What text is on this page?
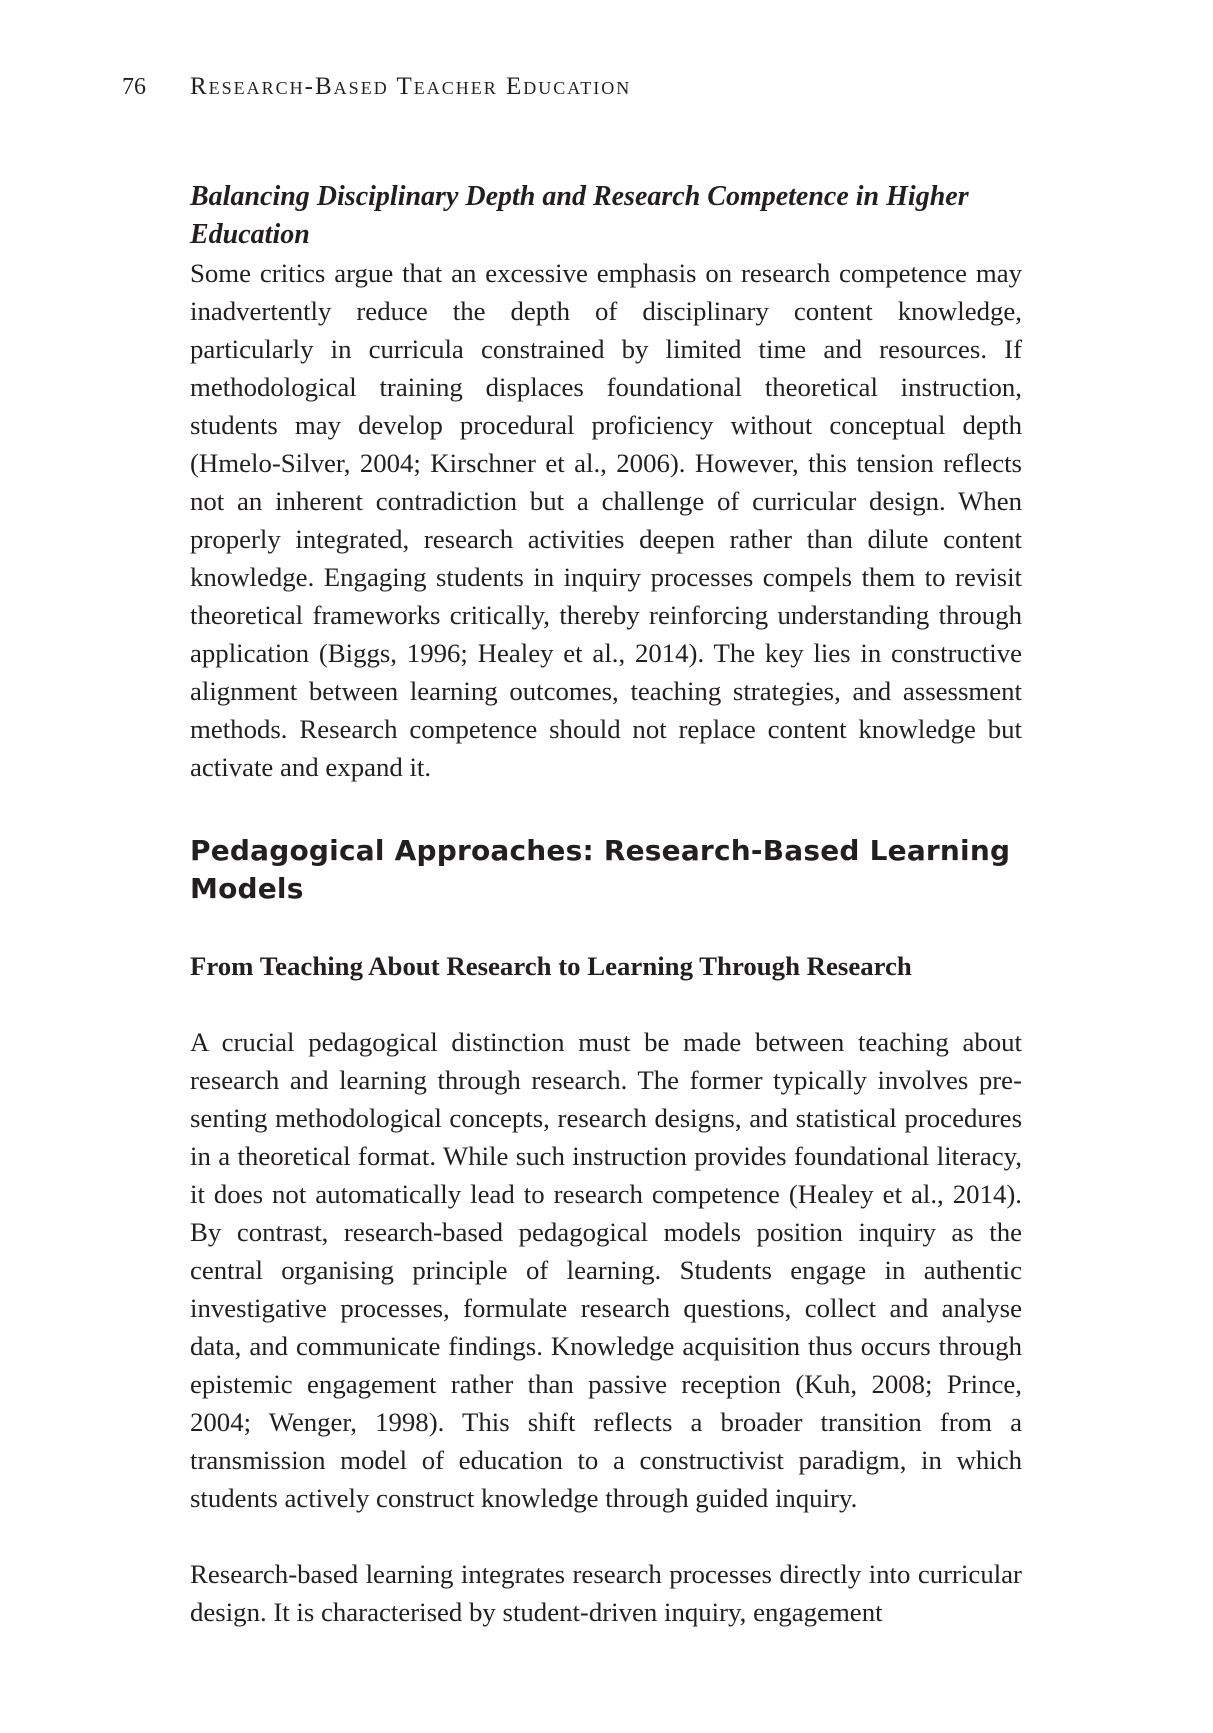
76 Research-Based Teacher Education
Balancing Disciplinary Depth and Research Competence in Higher Education

Some critics argue that an excessive emphasis on research competence may inadvertently reduce the depth of disciplinary content knowledge, particularly in curricula constrained by limited time and resources. If methodological training displaces foundational theoretical instruction, students may develop procedural proficiency without conceptual depth (Hmelo-Silver, 2004; Kirschner et al., 2006). However, this tension reflects not an inherent contradiction but a challenge of curricular design. When properly integrated, research activities deepen rather than dilute content knowledge. Engaging students in inquiry processes compels them to revisit theoretical frameworks critically, thereby reinforcing understanding through application (Biggs, 1996; Healey et al., 2014). The key lies in constructive alignment between learning outcomes, teaching strategies, and assessment methods. Research competence should not replace content knowledge but activate and expand it.

Pedagogical Approaches: Research-Based Learning Models
From Teaching About Research to Learning Through Research

A crucial pedagogical distinction must be made between teaching about research and learning through research. The former typically involves presenting methodological concepts, research designs, and statistical procedures in a theoretical format. While such instruction provides foundational literacy, it does not automatically lead to research competence (Healey et al., 2014). By contrast, research-based pedagogical models position inquiry as the central organising principle of learning. Students engage in authentic investigative processes, formulate research questions, collect and analyse data, and communicate findings. Knowledge acquisition thus occurs through epistemic engagement rather than passive reception (Kuh, 2008; Prince, 2004; Wenger, 1998). This shift reflects a broader transition from a transmission model of education to a constructivist paradigm, in which students actively construct knowledge through guided inquiry.

Research-based learning integrates research processes directly into curricular design. It is characterised by student-driven inquiry, engagement
